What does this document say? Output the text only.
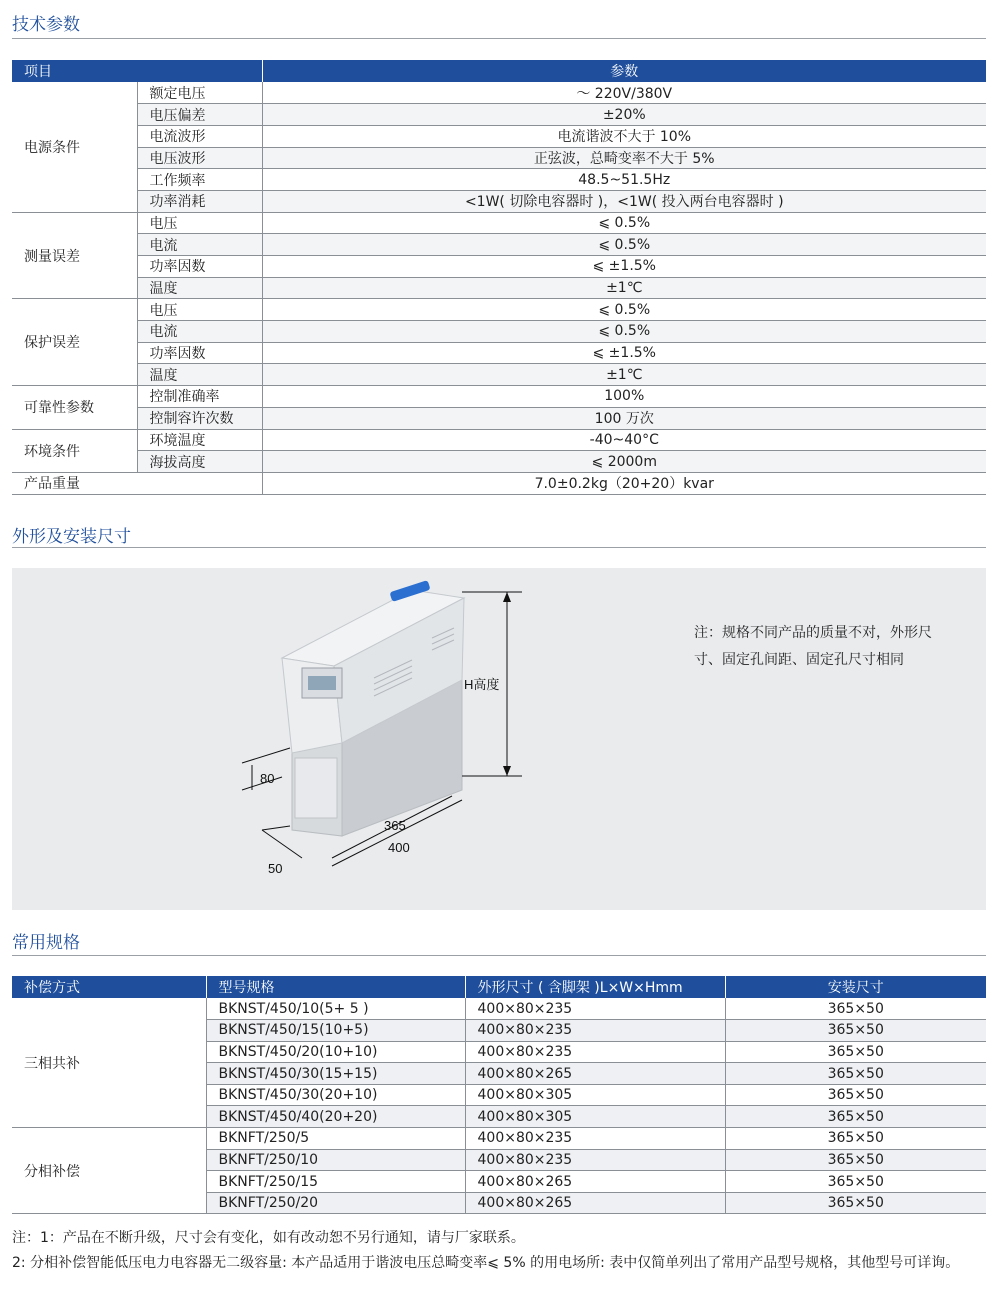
技术参数
项目		参数
电源条件	额定电压	～ 220V/380V
	电压偏差	±20%
	电流波形	电流谐波不大于 10%
	电压波形	正弦波，总畸变率不大于 5%
	工作频率	48.5~51.5Hz
	功率消耗	<1W( 切除电容器时 )，<1W( 投入两台电容器时 )
测量误差	电压	⩽ 0.5%
	电流	⩽ 0.5%
	功率因数	⩽ ±1.5%
	温度	±1℃
保护误差	电压	⩽ 0.5%
	电流	⩽ 0.5%
	功率因数	⩽ ±1.5%
	温度	±1℃
可靠性参数	控制准确率	100%
	控制容许次数	100 万次
环境条件	环境温度	-40~40°C
	海拔高度	⩽ 2000m
产品重量		7.0±0.2kg（20+20）kvar
外形及安装尺寸
H高度
80
50
365
400
注：规格不同产品的质量不对，外形尺寸、固定孔间距、固定孔尺寸相同
常用规格
补偿方式	型号规格	外形尺寸 ( 含脚架 )L×W×Hmm	安装尺寸
三相共补	BKNST/450/10(5+ 5 )	400×80×235	365×50
	BKNST/450/15(10+5)	400×80×235	365×50
	BKNST/450/20(10+10)	400×80×235	365×50
	BKNST/450/30(15+15)	400×80×265	365×50
	BKNST/450/30(20+10)	400×80×305	365×50
	BKNST/450/40(20+20)	400×80×305	365×50
分相补偿	BKNFT/250/5	400×80×235	365×50
	BKNFT/250/10	400×80×235	365×50
	BKNFT/250/15	400×80×265	365×50
	BKNFT/250/20	400×80×265	365×50
注：1：产品在不断升级，尺寸会有变化，如有改动恕不另行通知，请与厂家联系。
2: 分相补偿智能低压电力电容器无二级容量: 本产品适用于谐波电压总畸变率⩽ 5% 的用电场所: 表中仅简单列出了常用产品型号规格，其他型号可详询。
